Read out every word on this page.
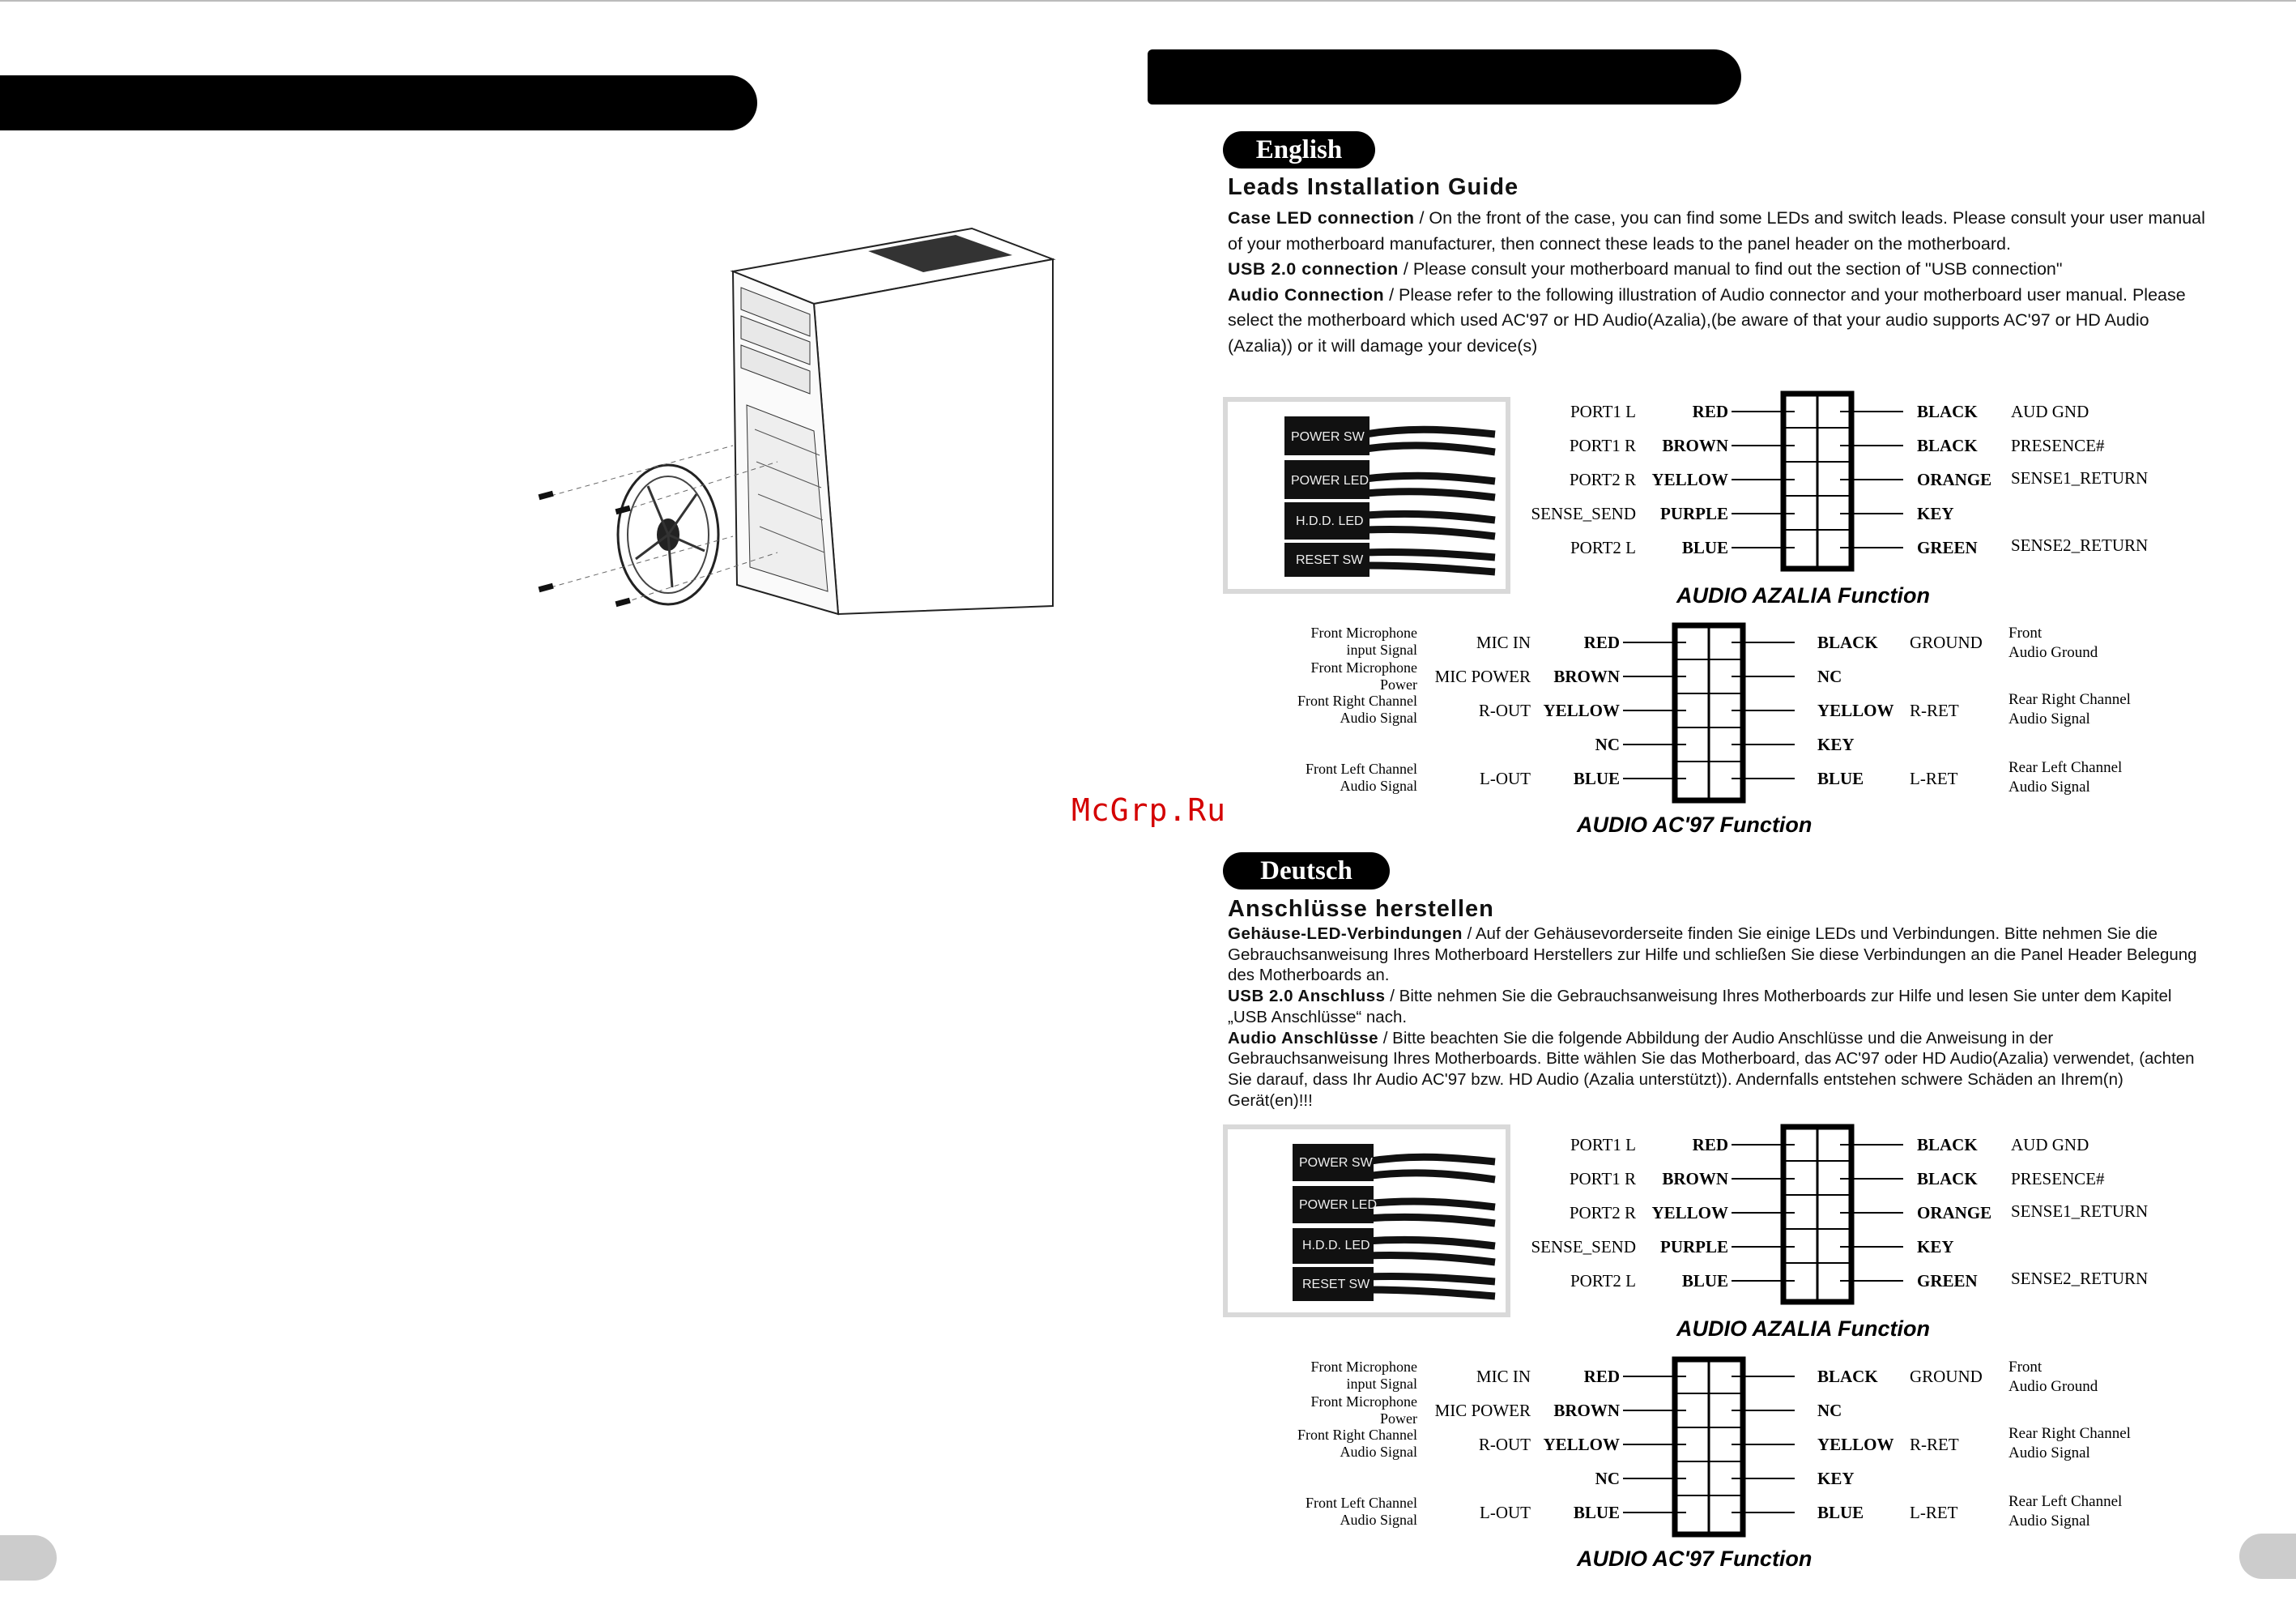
English
Leads Installation Guide
Case LED connection / On the front of the case, you can find some LEDs and switch leads. Please consult your user manual of your motherboard manufacturer, then connect these leads to the panel header on the motherboard.
USB 2.0 connection / Please consult your motherboard manual to find out the section of "USB connection"
Audio Connection / Please refer to the following illustration of Audio connector and your motherboard user manual. Please select the motherboard which used AC'97 or HD Audio(Azalia),(be aware of that your audio supports AC'97 or HD Audio (Azalia)) or it will damage your device(s)
POWER SW
POWER LED
H.D.D. LED
RESET SW
PORT1 L
PORT1 R
PORT2 R
SENSE_SEND
PORT2 L
RED
BROWN
YELLOW
PURPLE
BLUE
BLACK
BLACK
ORANGE
KEY
GREEN
AUD GND
PRESENCE#
SENSE1_RETURN
SENSE2_RETURN
AUDIO AZALIA Function
Front Microphone
input Signal
Front Microphone
Power
Front Right Channel
Audio Signal
Front Left Channel
Audio Signal
MIC IN
MIC POWER
R-OUT
L-OUT
RED
BROWN
YELLOW
NC
BLUE
BLACK
NC
YELLOW
KEY
BLUE
GROUND
R-RET
L-RET
Front
Audio Ground
Rear Right Channel
Audio Signal
Rear Left Channel
Audio Signal
AUDIO AC'97 Function
McGrp.Ru
Deutsch
Anschlüsse herstellen
Gehäuse-LED-Verbindungen / Auf der Gehäusevorderseite finden Sie einige LEDs und Verbindungen. Bitte nehmen Sie die Gebrauchsanweisung Ihres Motherboard Herstellers zur Hilfe und schließen Sie diese Verbindungen an die Panel Header Belegung des Motherboards an.
USB 2.0 Anschluss / Bitte nehmen Sie die Gebrauchsanweisung Ihres Motherboards zur Hilfe und lesen Sie unter dem Kapitel „USB Anschlüsse“ nach.
Audio Anschlüsse / Bitte beachten Sie die folgende Abbildung der Audio Anschlüsse und die Anweisung in der Gebrauchsanweisung Ihres Motherboards. Bitte wählen Sie das Motherboard, das AC'97 oder HD Audio(Azalia) verwendet, (achten Sie darauf, dass Ihr Audio AC'97 bzw. HD Audio (Azalia unterstützt)). Andernfalls entstehen schwere Schäden an Ihrem(n) Gerät(en)!!!
POWER SW
POWER LED
H.D.D. LED
RESET SW
PORT1 L
PORT1 R
PORT2 R
SENSE_SEND
PORT2 L
RED
BROWN
YELLOW
PURPLE
BLUE
BLACK
BLACK
ORANGE
KEY
GREEN
AUD GND
PRESENCE#
SENSE1_RETURN
SENSE2_RETURN
AUDIO AZALIA Function
Front Microphone
input Signal
Front Microphone
Power
Front Right Channel
Audio Signal
Front Left Channel
Audio Signal
MIC IN
MIC POWER
R-OUT
L-OUT
RED
BROWN
YELLOW
NC
BLUE
BLACK
NC
YELLOW
KEY
BLUE
GROUND
R-RET
L-RET
Front
Audio Ground
Rear Right Channel
Audio Signal
Rear Left Channel
Audio Signal
AUDIO AC'97 Function
